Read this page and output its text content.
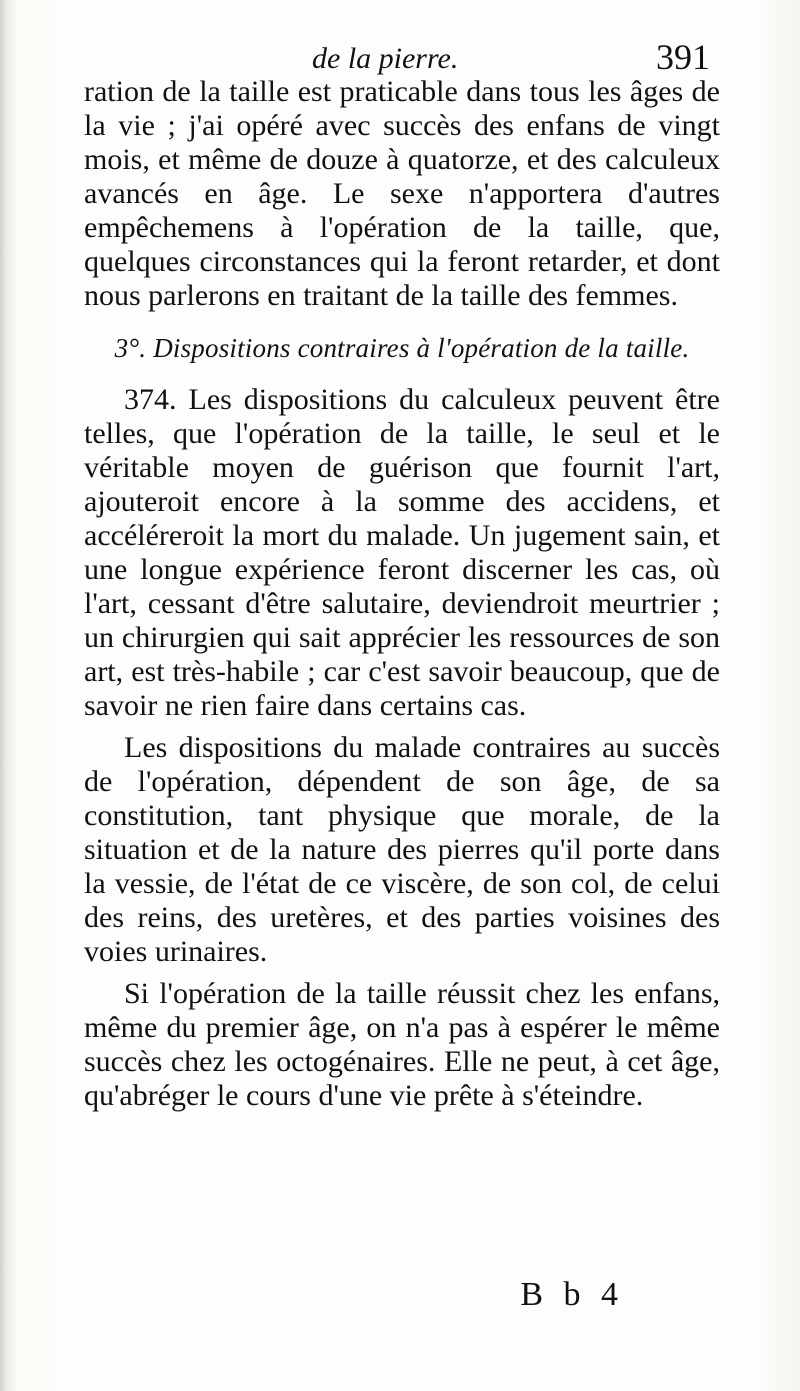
de la pierre.	391

ration de la taille est praticable dans tous les âges de la vie ; j'ai opéré avec succès des enfans de vingt mois, et même de douze à quatorze, et des calculeux avancés en âge. Le sexe n'apportera d'autres empêchemens à l'opération de la taille, que, quelques circonstances qui la feront retarder, et dont nous parlerons en traitant de la taille des femmes.

3°. Dispositions contraires à l'opération de la taille.

374. Les dispositions du calculeux peuvent être telles, que l'opération de la taille, le seul et le véritable moyen de guérison que fournit l'art, ajouteroit encore à la somme des accidens, et accéléreroit la mort du malade. Un jugement sain, et une longue expérience feront discerner les cas, où l'art, cessant d'être salutaire, deviendroit meurtrier ; un chirurgien qui sait apprécier les ressources de son art, est très-habile ; car c'est savoir beaucoup, que de savoir ne rien faire dans certains cas.

Les dispositions du malade contraires au succès de l'opération, dépendent de son âge, de sa constitution, tant physique que morale, de la situation et de la nature des pierres qu'il porte dans la vessie, de l'état de ce viscère, de son col, de celui des reins, des uretères, et des parties voisines des voies urinaires.

Si l'opération de la taille réussit chez les enfans, même du premier âge, on n'a pas à espérer le même succès chez les octogénaires. Elle ne peut, à cet âge, qu'abréger le cours d'une vie prête à s'éteindre.

B b 4
